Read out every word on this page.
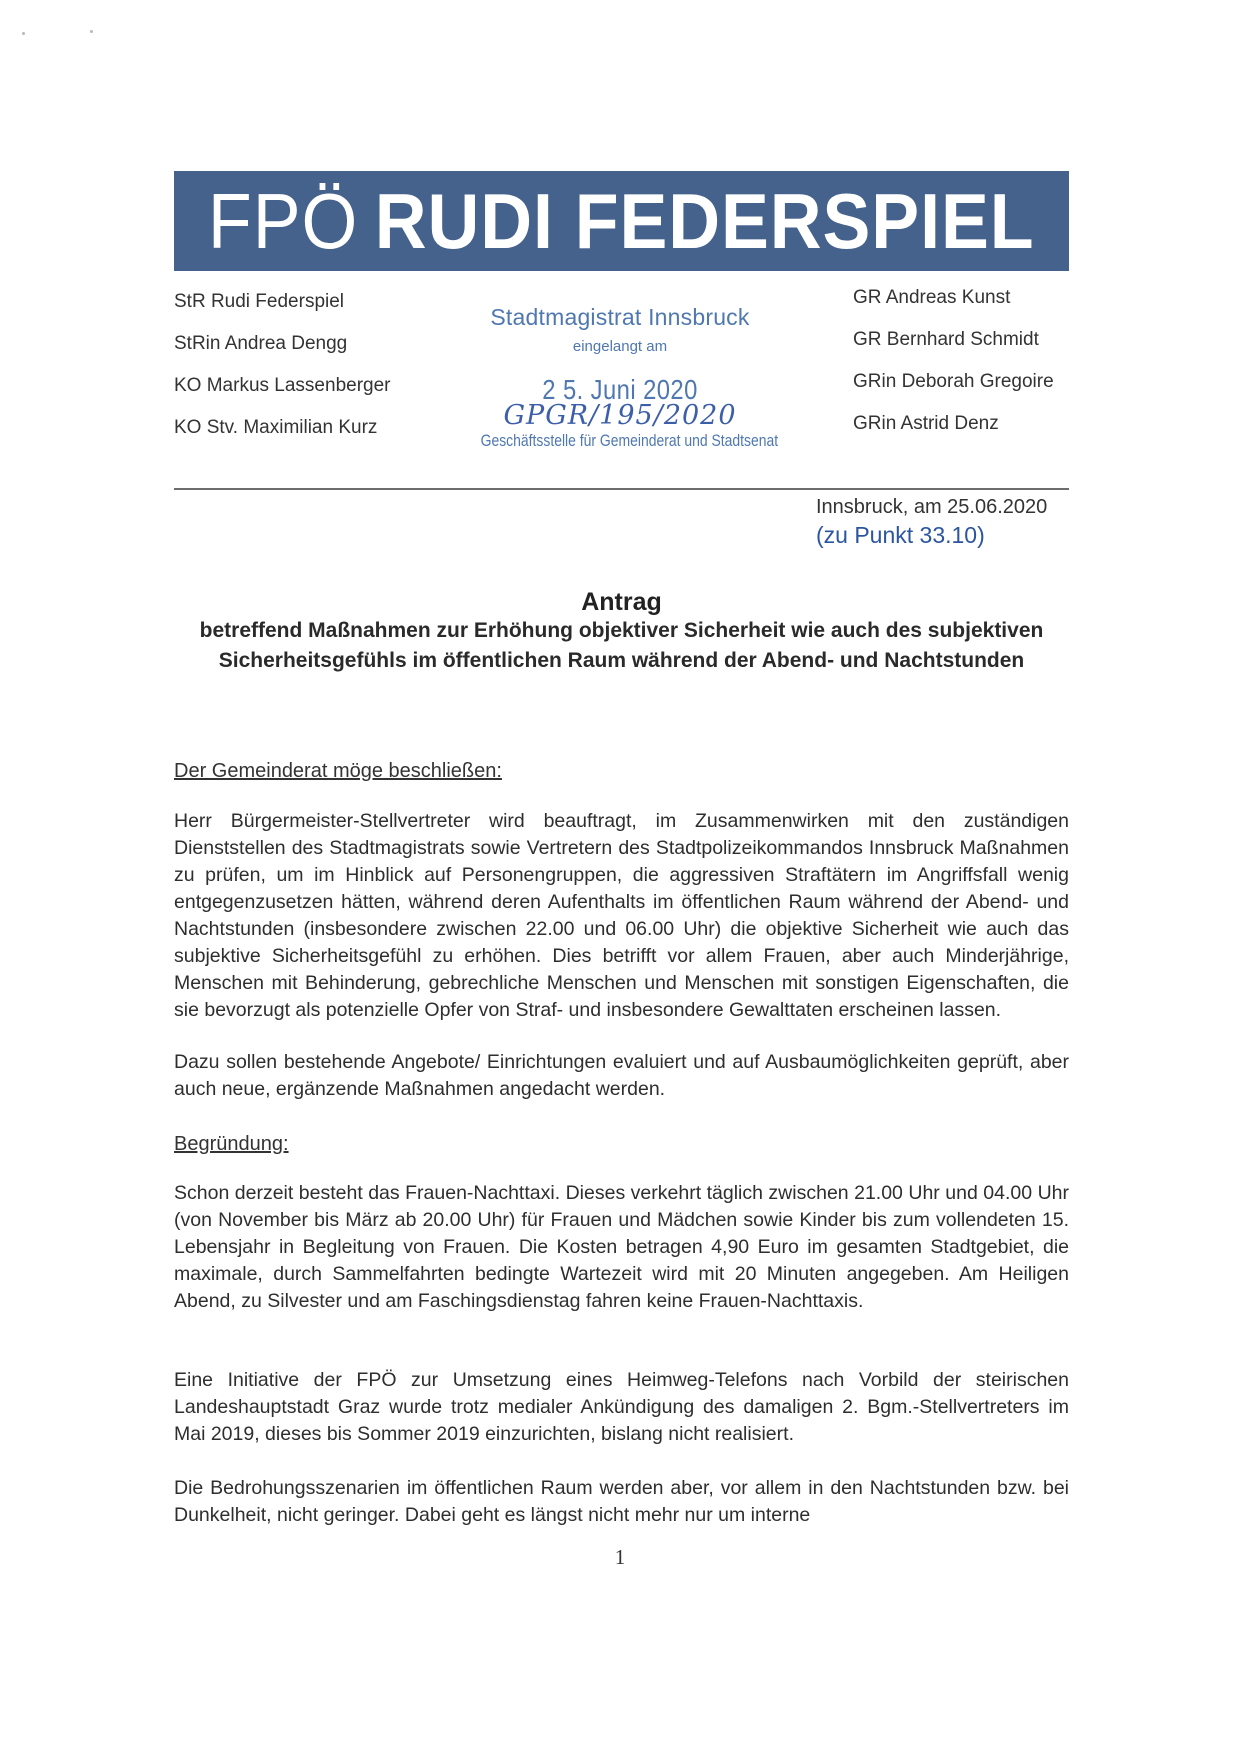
FPÖ RUDI FEDERSPIEL
StR Rudi Federspiel
StRin Andrea Dengg
KO Markus Lassenberger
KO Stv. Maximilian Kurz
Stadtmagistrat Innsbruck
eingelangt am
2 5. Juni 2020
GPGR/195/2020
Geschäftsstelle für Gemeinderat und Stadtsenat
GR Andreas Kunst
GR Bernhard Schmidt
GRin Deborah Gregoire
GRin Astrid Denz
Innsbruck, am 25.06.2020
(zu Punkt 33.10)
Antrag
betreffend Maßnahmen zur Erhöhung objektiver Sicherheit wie auch des subjektiven Sicherheitsgefühls im öffentlichen Raum während der Abend- und Nachtstunden
Der Gemeinderat möge beschließen:

Herr Bürgermeister-Stellvertreter wird beauftragt, im Zusammenwirken mit den zuständigen Dienststellen des Stadtmagistrats sowie Vertretern des Stadtpolizeikommandos Innsbruck Maßnahmen zu prüfen, um im Hinblick auf Personengruppen, die aggressiven Straftätern im Angriffsfall wenig entgegenzusetzen hätten, während deren Aufenthalts im öffentlichen Raum während der Abend- und Nachtstunden (insbesondere zwischen 22.00 und 06.00 Uhr) die objektive Sicherheit wie auch das subjektive Sicherheitsgefühl zu erhöhen. Dies betrifft vor allem Frauen, aber auch Minderjährige, Menschen mit Behinderung, gebrechliche Menschen und Menschen mit sonstigen Eigenschaften, die sie bevorzugt als potenzielle Opfer von Straf- und insbesondere Gewalttaten erscheinen lassen.

Dazu sollen bestehende Angebote/ Einrichtungen evaluiert und auf Ausbaumöglichkeiten geprüft, aber auch neue, ergänzende Maßnahmen angedacht werden.

Begründung:

Schon derzeit besteht das Frauen-Nachttaxi. Dieses verkehrt täglich zwischen 21.00 Uhr und 04.00 Uhr (von November bis März ab 20.00 Uhr) für Frauen und Mädchen sowie Kinder bis zum vollendeten 15. Lebensjahr in Begleitung von Frauen. Die Kosten betragen 4,90 Euro im gesamten Stadtgebiet, die maximale, durch Sammelfahrten bedingte Wartezeit wird mit 20 Minuten angegeben. Am Heiligen Abend, zu Silvester und am Faschingsdienstag fahren keine Frauen-Nachttaxis.

Eine Initiative der FPÖ zur Umsetzung eines Heimweg-Telefons nach Vorbild der steirischen Landeshauptstadt Graz wurde trotz medialer Ankündigung des damaligen 2. Bgm.-Stellvertreters im Mai 2019, dieses bis Sommer 2019 einzurichten, bislang nicht realisiert.

Die Bedrohungsszenarien im öffentlichen Raum werden aber, vor allem in den Nachtstunden bzw. bei Dunkelheit, nicht geringer. Dabei geht es längst nicht mehr nur um interne

1
